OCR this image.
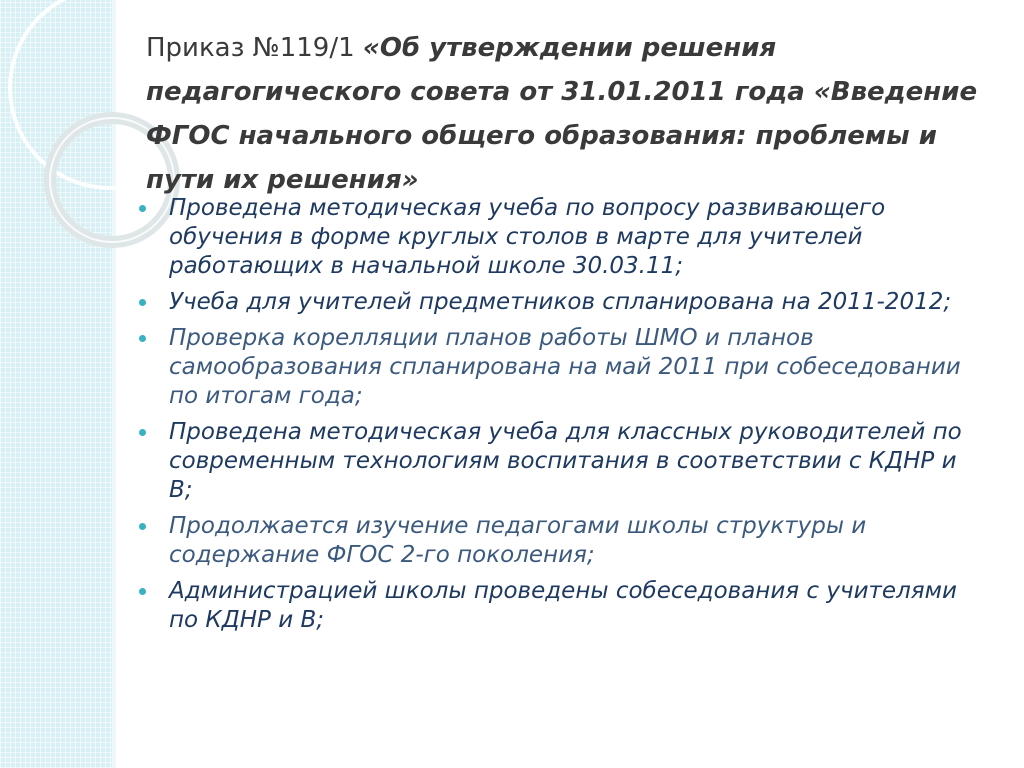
Приказ №119/1 «Об утверждении решения педагогического совета от 31.01.2011 года «Введение ФГОС начального общего образования: проблемы и пути их решения»
Проведена методическая учеба по вопросу развивающего обучения в форме круглых столов в марте для учителей работающих в начальной школе 30.03.11;
Учеба для учителей предметников спланирована на 2011-2012;
Проверка корелляции планов работы ШМО и планов самообразования спланирована на май 2011 при собеседовании по итогам года;
Проведена методическая учеба для классных руководителей по современным технологиям воспитания в соответствии с КДНР и В;
Продолжается изучение педагогами школы структуры и содержание ФГОС 2-го поколения;
Администрацией школы проведены собеседования с учителями по КДНР и В;
